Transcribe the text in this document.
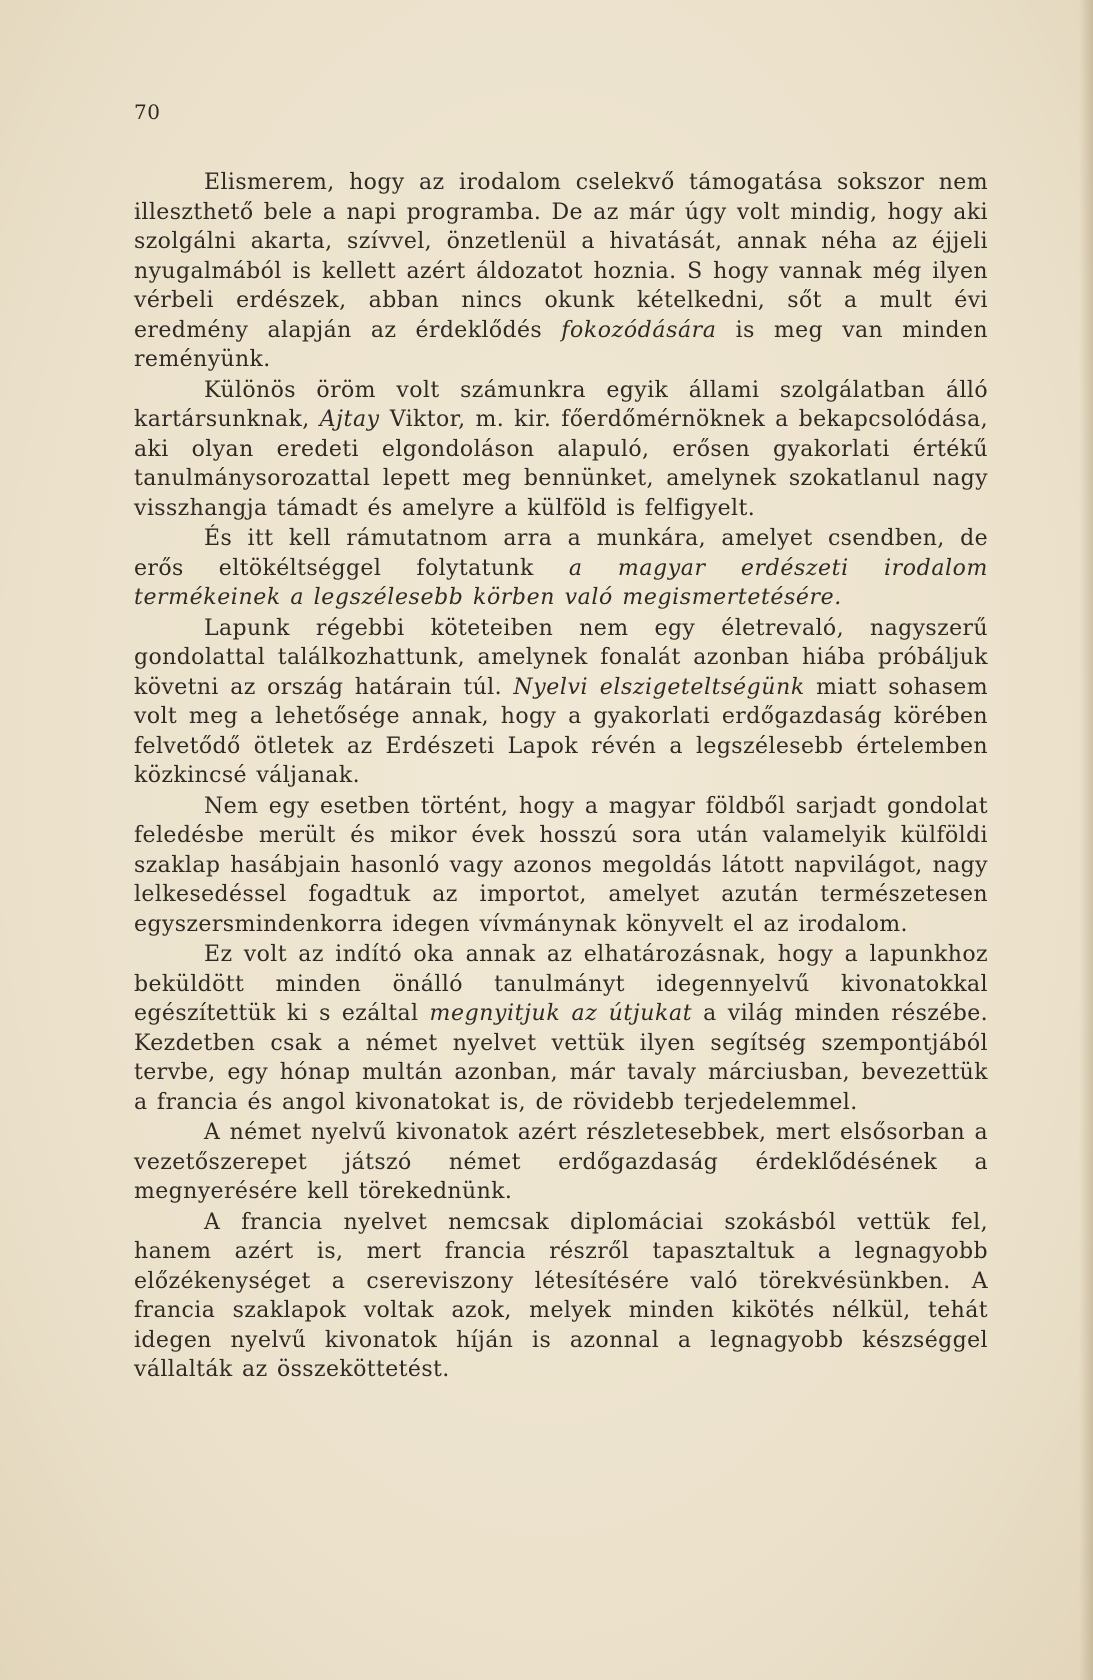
70

Elismerem, hogy az irodalom cselekvő támogatása sokszor nem illeszthető bele a napi programba. De az már úgy volt mindig, hogy aki szolgálni akarta, szívvel, önzetlenül a hivatását, annak néha az éjjeli nyugalmából is kellett azért áldozatot hoznia. S hogy vannak még ilyen vérbeli erdészek, abban nincs okunk kételkedni, sőt a mult évi eredmény alapján az érdeklődés fokozódására is meg van minden reményünk.

Különös öröm volt számunkra egyik állami szolgálatban álló kartársunknak, Ajtay Viktor, m. kir. főerdőmérnöknek a bekapcsolódása, aki olyan eredeti elgondoláson alapuló, erősen gyakorlati értékű tanulmánysorozattal lepett meg bennünket, amelynek szokatlanul nagy visszhangja támadt és amelyre a külföld is felfigyelt.

És itt kell rámutatnom arra a munkára, amelyet csendben, de erős eltökéltséggel folytatunk a magyar erdészeti irodalom termékeinek a legszélesebb körben való megismertetésére.

Lapunk régebbi köteteiben nem egy életrevaló, nagyszerű gondolattal találkozhattunk, amelynek fonalát azonban hiába próbáljuk követni az ország határain túl. Nyelvi elszigeteltségünk miatt sohasem volt meg a lehetősége annak, hogy a gyakorlati erdőgazdaság körében felvetődő ötletek az Erdészeti Lapok révén a legszélesebb értelemben közkincsé váljanak.

Nem egy esetben történt, hogy a magyar földből sarjadt gondolat feledésbe merült és mikor évek hosszú sora után valamelyik külföldi szaklap hasábjain hasonló vagy azonos megoldás látott napvilágot, nagy lelkesedéssel fogadtuk az importot, amelyet azután természetesen egyszersmindenkorra idegen vívmánynak könyvelt el az irodalom.

Ez volt az indító oka annak az elhatározásnak, hogy a lapunkhoz beküldött minden önálló tanulmányt idegennyelvű kivonatokkal egészítettük ki s ezáltal megnyitjuk az útjukat a világ minden részébe. Kezdetben csak a német nyelvet vettük ilyen segítség szempontjából tervbe, egy hónap multán azonban, már tavaly márciusban, bevezettük a francia és angol kivonatokat is, de rövidebb terjedelemmel.

A német nyelvű kivonatok azért részletesebbek, mert elsősorban a vezetőszerepet játszó német erdőgazdaság érdeklődésének a megnyerésére kell törekednünk.

A francia nyelvet nemcsak diplomáciai szokásból vettük fel, hanem azért is, mert francia részről tapasztaltuk a legnagyobb előzékenységet a csereviszony létesítésére való törekvésünkben. A francia szaklapok voltak azok, melyek minden kikötés nélkül, tehát idegen nyelvű kivonatok híján is azonnal a legnagyobb készséggel vállalták az összeköttetést.
